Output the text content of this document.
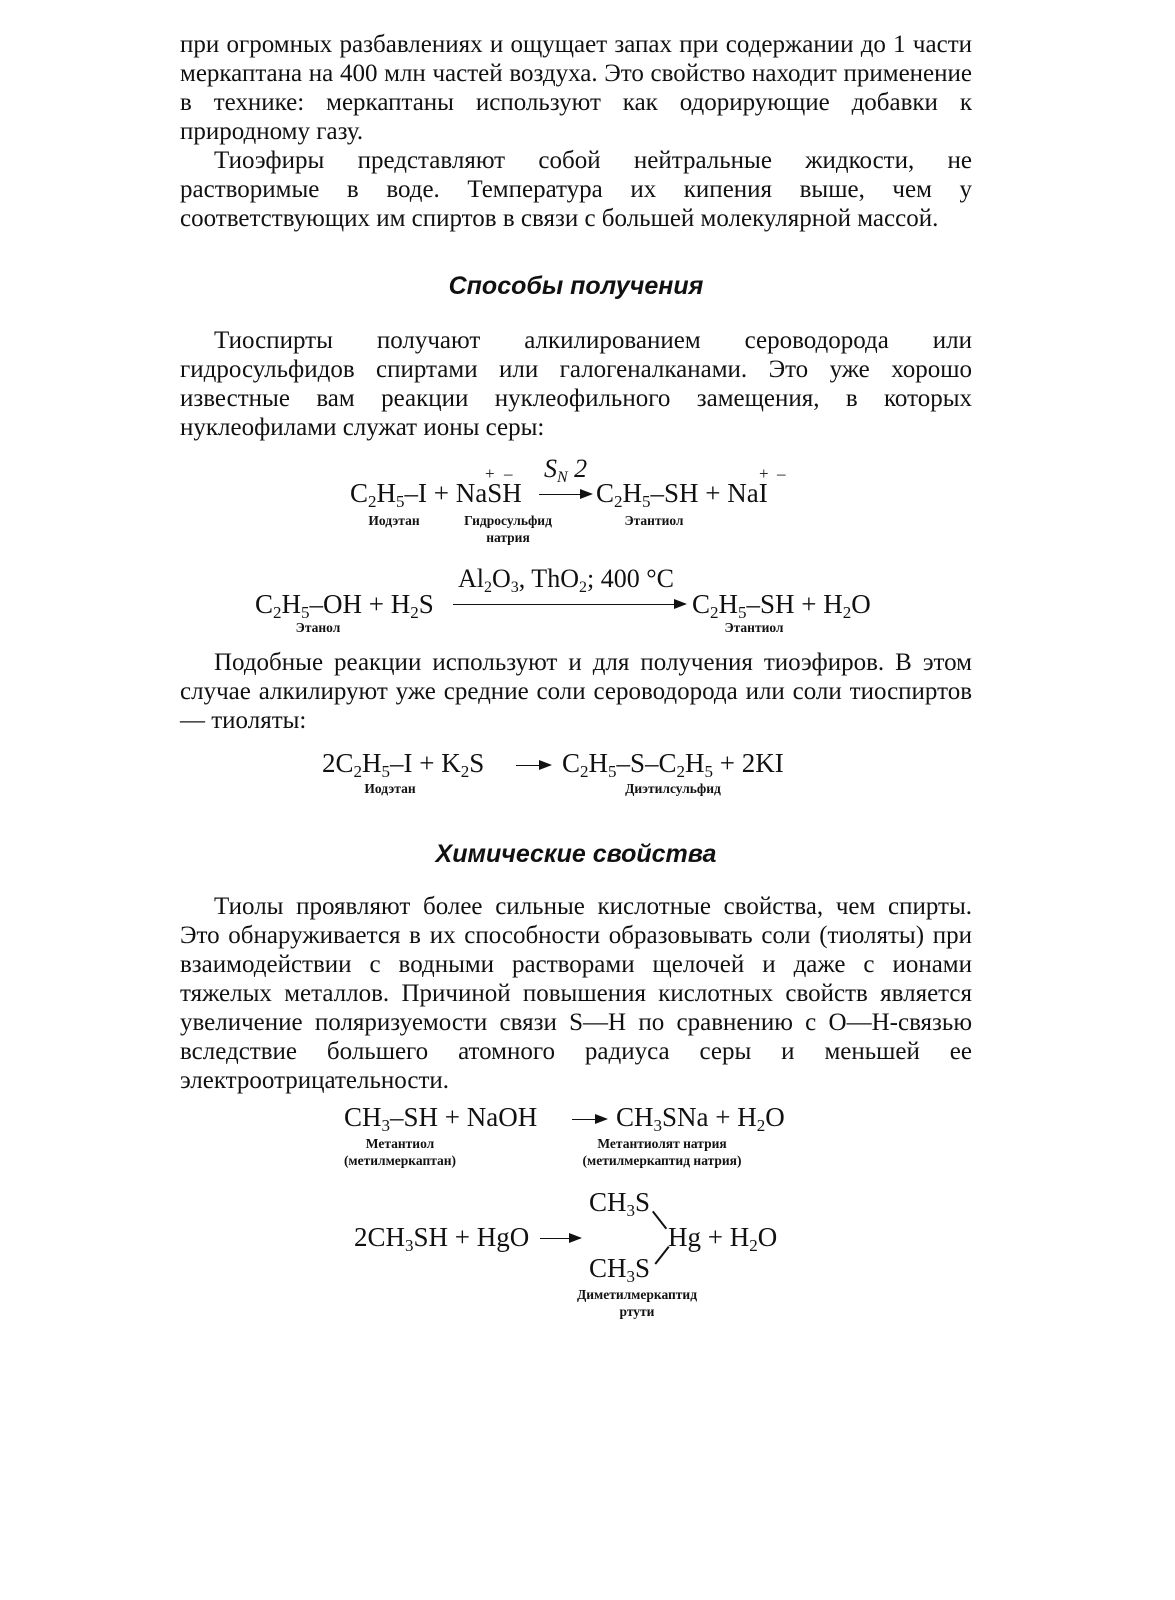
при огромных разбавлениях и ощущает запах при содержании до 1 части меркаптана на 400 млн частей воздуха. Это свойство находит применение в технике: меркаптаны используют как одорирующие добавки к природному газу.

Тиоэфиры представляют собой нейтральные жидкости, не растворимые в воде. Температура их кипения выше, чем у соответствующих им спиртов в связи с большей молекулярной массой.

Способы получения

Тиоспирты получают алкилированием сероводорода или гидросульфидов спиртами или галогеналканами. Это уже хорошо известные вам реакции нуклеофильного замещения, в которых нуклеофилами служат ионы серы:

$C_2H_5-I$ + NaSH
+ – $S_N$ 2
→ $C_2H_5-SH$ + NaI
+ –
Иодэтан	Гидросульфид
натрия
Этантиол
$C_2H_5-OH + H_2S$
$Al_2O_3$, ThO$_2$; 400 °C
$C_2H_5-SH + H_2O$
Этанол	Этантиол

Подобные реакции используют и для получения тиоэфиров. В этом случае алкилируют уже средние соли сероводорода или соли тиоспиртов — тиоляты:

$2C_2H_5-I + K_2S \to C_2H_5-S-C_2H_5 + 2KI$
Иодэтан	Диэтилсульфид
Химические свойства

Тиолы проявляют более сильные кислотные свойства, чем спирты. Это обнаруживается в их способности образовывать соли (тиоляты) при взаимодействии с водными растворами щелочей и даже с ионами тяжелых металлов. Причиной повышения кислотных свойств является увеличение поляризуемости связи S—H по сравнению с O—H-связью вследствие большего атомного радиуса серы и меньшей ее электроотрицательности.

$CH_3-SH$ + NaOH → $CH_3SNa + H_2O$
Метантиол
(метилмеркаптан)
Метантиолят натрия
(метилмеркаптид натрия)
$2CH_3SH$ + HgO →
$CH_3S$
$CH_3S$
$Hg + H_2O$
Диметилмеркаптид
ртути
